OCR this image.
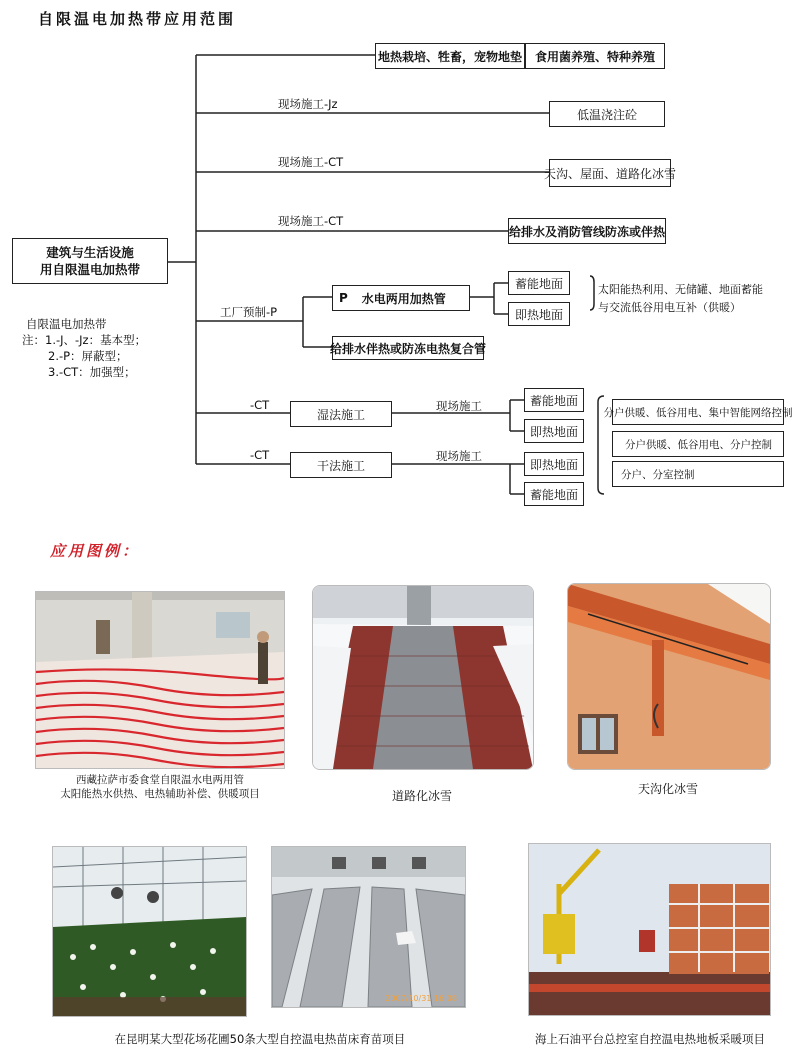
自限温电加热带应用范围
建筑与生活设施
用自限温电加热带
自限温电加热带
注：1.-J、-Jz：基本型；
2.-P：屏蔽型；
3.-CT：加强型；
地热栽培、牲畜，宠物地垫	食用菌养殖、特种养殖
现场施工-Jz
低温浇注砼
现场施工-CT
天沟、屋面、道路化冰雪
现场施工-CT
给排水及消防管线防冻或伴热
工厂预制-P
P 水电两用加热管
给排水伴热或防冻电热复合管
蓄能地面
即热地面
太阳能热利用、无储罐、地面蓄能
与交流低谷用电互补（供暖）
-CT
湿法施工
现场施工	蓄能地面
即热地面
-CT
干法施工
现场施工
即热地面
蓄能地面
分户供暖、低谷用电、集中智能网络控制
分户供暖、低谷用电、分户控制
分户、分室控制
应用图例：
西藏拉萨市委食堂自限温水电两用管
太阳能热水供热、电热辅助补偿、供暖项目	道路化冰雪	天沟化冰雪
2007/10/31 16:08
在昆明某大型花场花圃50条大型自控温电热苗床育苗项目	海上石油平台总控室自控温电热地板采暖项目
